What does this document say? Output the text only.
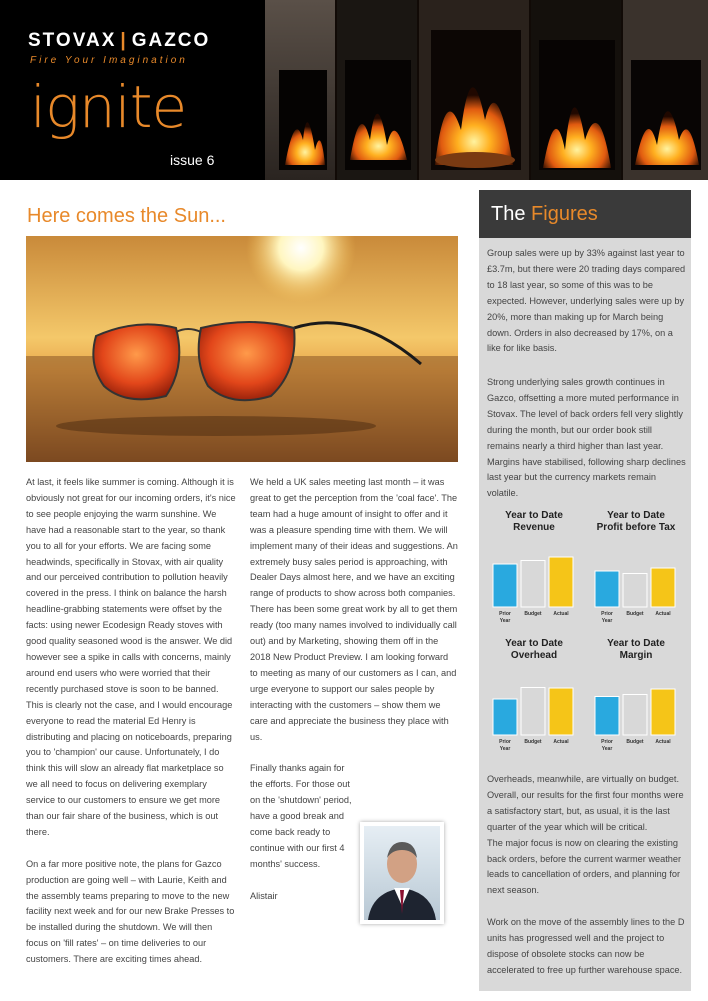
STOVAX | GAZCO
Fire Your Imagination
ignite
issue 6
Here comes the Sun...

At last, it feels like summer is coming. Although it is obviously not great for our incoming orders, it's nice to see people enjoying the warm sunshine. We have had a reasonable start to the year, so thank you to all for your efforts. We are facing some headwinds, specifically in Stovax, with air quality and our perceived contribution to pollution heavily covered in the press. I think on balance the harsh headline-grabbing statements were offset by the facts: using newer Ecodesign Ready stoves with good quality seasoned wood is the answer. We did however see a spike in calls with concerns, mainly around end users who were worried that their recently purchased stove is soon to be banned. This is clearly not the case, and I would encourage everyone to read the material Ed Henry is distributing and placing on noticeboards, preparing you to 'champion' our cause. Unfortunately, I do think this will slow an already flat marketplace so we all need to focus on delivering exemplary service to our customers to ensure we get more than our fair share of the business, which is out there.

On a far more positive note, the plans for Gazco production are going well – with Laurie, Keith and the assembly teams preparing to move to the new facility next week and for our new Brake Presses to be installed during the shutdown. We will then focus on 'fill rates' – on time deliveries to our customers. There are exciting times ahead.

We held a UK sales meeting last month – it was great to get the perception from the 'coal face'. The team had a huge amount of insight to offer and it was a pleasure spending time with them. We will implement many of their ideas and suggestions. An extremely busy sales period is approaching, with Dealer Days almost here, and we have an exciting range of products to show across both companies. There has been some great work by all to get them ready (too many names involved to individually call out) and by Marketing, showing them off in the 2018 New Product Preview. I am looking forward to meeting as many of our customers as I can, and urge everyone to support our sales people by interacting with the customers – show them we care and appreciate the business they place with us.

Finally thanks again for the efforts. For those out on the 'shutdown' period, have a good break and come back ready to continue with our first 4 months' success.

Alistair

The Figures
Group sales were up by 33% against last year to £3.7m, but there were 20 trading days compared to 18 last year, so some of this was to be expected. However, underlying sales were up by 20%, more than making up for March being down. Orders in also decreased by 17%, on a like for like basis.
Strong underlying sales growth continues in Gazco, offsetting a more muted performance in Stovax. The level of back orders fell very slightly during the month, but our order book still remains nearly a third higher than last year. Margins have stabilised, following sharp declines last year but the currency markets remain volatile.
Year to Date
Revenue
Prior
Year
Budget Actual
Year to Date
Profit before Tax
Prior
Year
Budget Actual
Year to Date
Overhead
Prior
Year
Budget Actual
Year to Date
Margin
Prior
Year
Budget Actual

Overheads, meanwhile, are virtually on budget. Overall, our results for the first four months were a satisfactory start, but, as usual, it is the last quarter of the year which will be critical.

The major focus is now on clearing the existing back orders, before the current warmer weather leads to cancellation of orders, and planning for next season.

Work on the move of the assembly lines to the D units has progressed well and the project to dispose of obsolete stocks can now be accelerated to free up further warehouse space.
